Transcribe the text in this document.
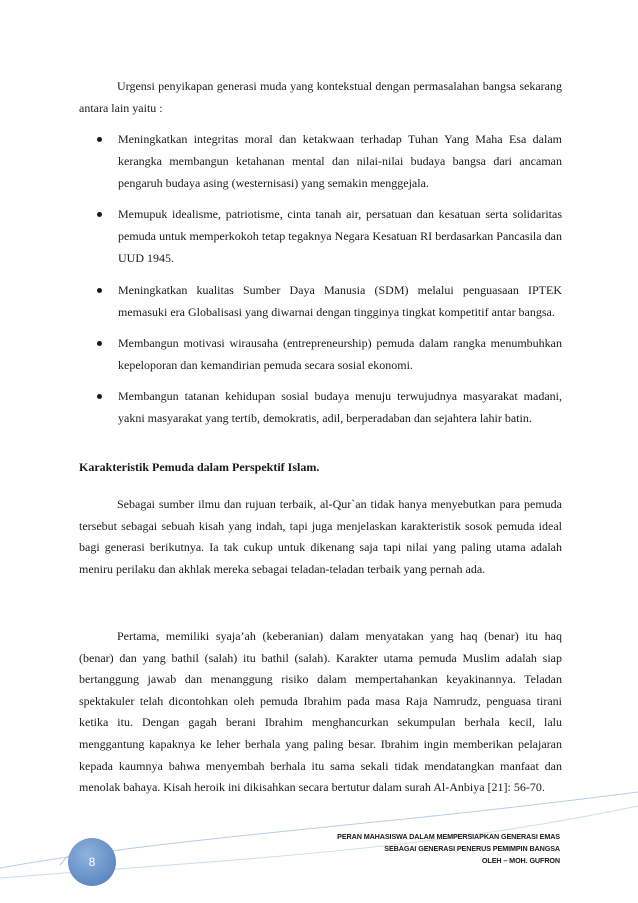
Urgensi penyikapan generasi muda yang kontekstual dengan permasalahan bangsa sekarang antara lain yaitu :

Meningkatkan integritas moral dan ketakwaan terhadap Tuhan Yang Maha Esa dalam kerangka membangun ketahanan mental dan nilai-nilai budaya bangsa dari ancaman pengaruh budaya asing (westernisasi) yang semakin menggejala.
Memupuk idealisme, patriotisme, cinta tanah air, persatuan dan kesatuan serta solidaritas pemuda untuk memperkokoh tetap tegaknya Negara Kesatuan RI berdasarkan Pancasila dan UUD 1945.
Meningkatkan kualitas Sumber Daya Manusia (SDM) melalui penguasaan IPTEK memasuki era Globalisasi yang diwarnai dengan tingginya tingkat kompetitif antar bangsa.
Membangun motivasi wirausaha (entrepreneurship) pemuda dalam rangka menumbuhkan kepeloporan dan kemandirian pemuda secara sosial ekonomi.
Membangun tatanan kehidupan sosial budaya menuju terwujudnya masyarakat madani, yakni masyarakat yang tertib, demokratis, adil, berperadaban dan sejahtera lahir batin.

Karakteristik Pemuda dalam Perspektif Islam.

Sebagai sumber ilmu dan rujuan terbaik, al-Qur`an tidak hanya menyebutkan para pemuda tersebut sebagai sebuah kisah yang indah, tapi juga menjelaskan karakteristik sosok pemuda ideal bagi generasi berikutnya. Ia tak cukup untuk dikenang saja tapi nilai yang paling utama adalah meniru perilaku dan akhlak mereka sebagai teladan-teladan terbaik yang pernah ada.

Pertama, memiliki syaja’ah (keberanian) dalam menyatakan yang haq (benar) itu haq (benar) dan yang bathil (salah) itu bathil (salah). Karakter utama pemuda Muslim adalah siap bertanggung jawab dan menanggung risiko dalam mempertahankan keyakinannya. Teladan spektakuler telah dicontohkan oleh pemuda Ibrahim pada masa Raja Namrudz, penguasa tirani ketika itu. Dengan gagah berani Ibrahim menghancurkan sekumpulan berhala kecil, lalu menggantung kapaknya ke leher berhala yang paling besar. Ibrahim ingin memberikan pelajaran kepada kaumnya bahwa menyembah berhala itu sama sekali tidak mendatangkan manfaat dan menolak bahaya. Kisah heroik ini dikisahkan secara bertutur dalam surah Al-Anbiya [21]: 56-70.

8
PERAN MAHASISWA DALAM MEMPERSIAPKAN GENERASI EMAS
SEBAGAI GENERASI PENERUS PEMIMPIN BANGSA
OLEH – MOH. GUFRON
